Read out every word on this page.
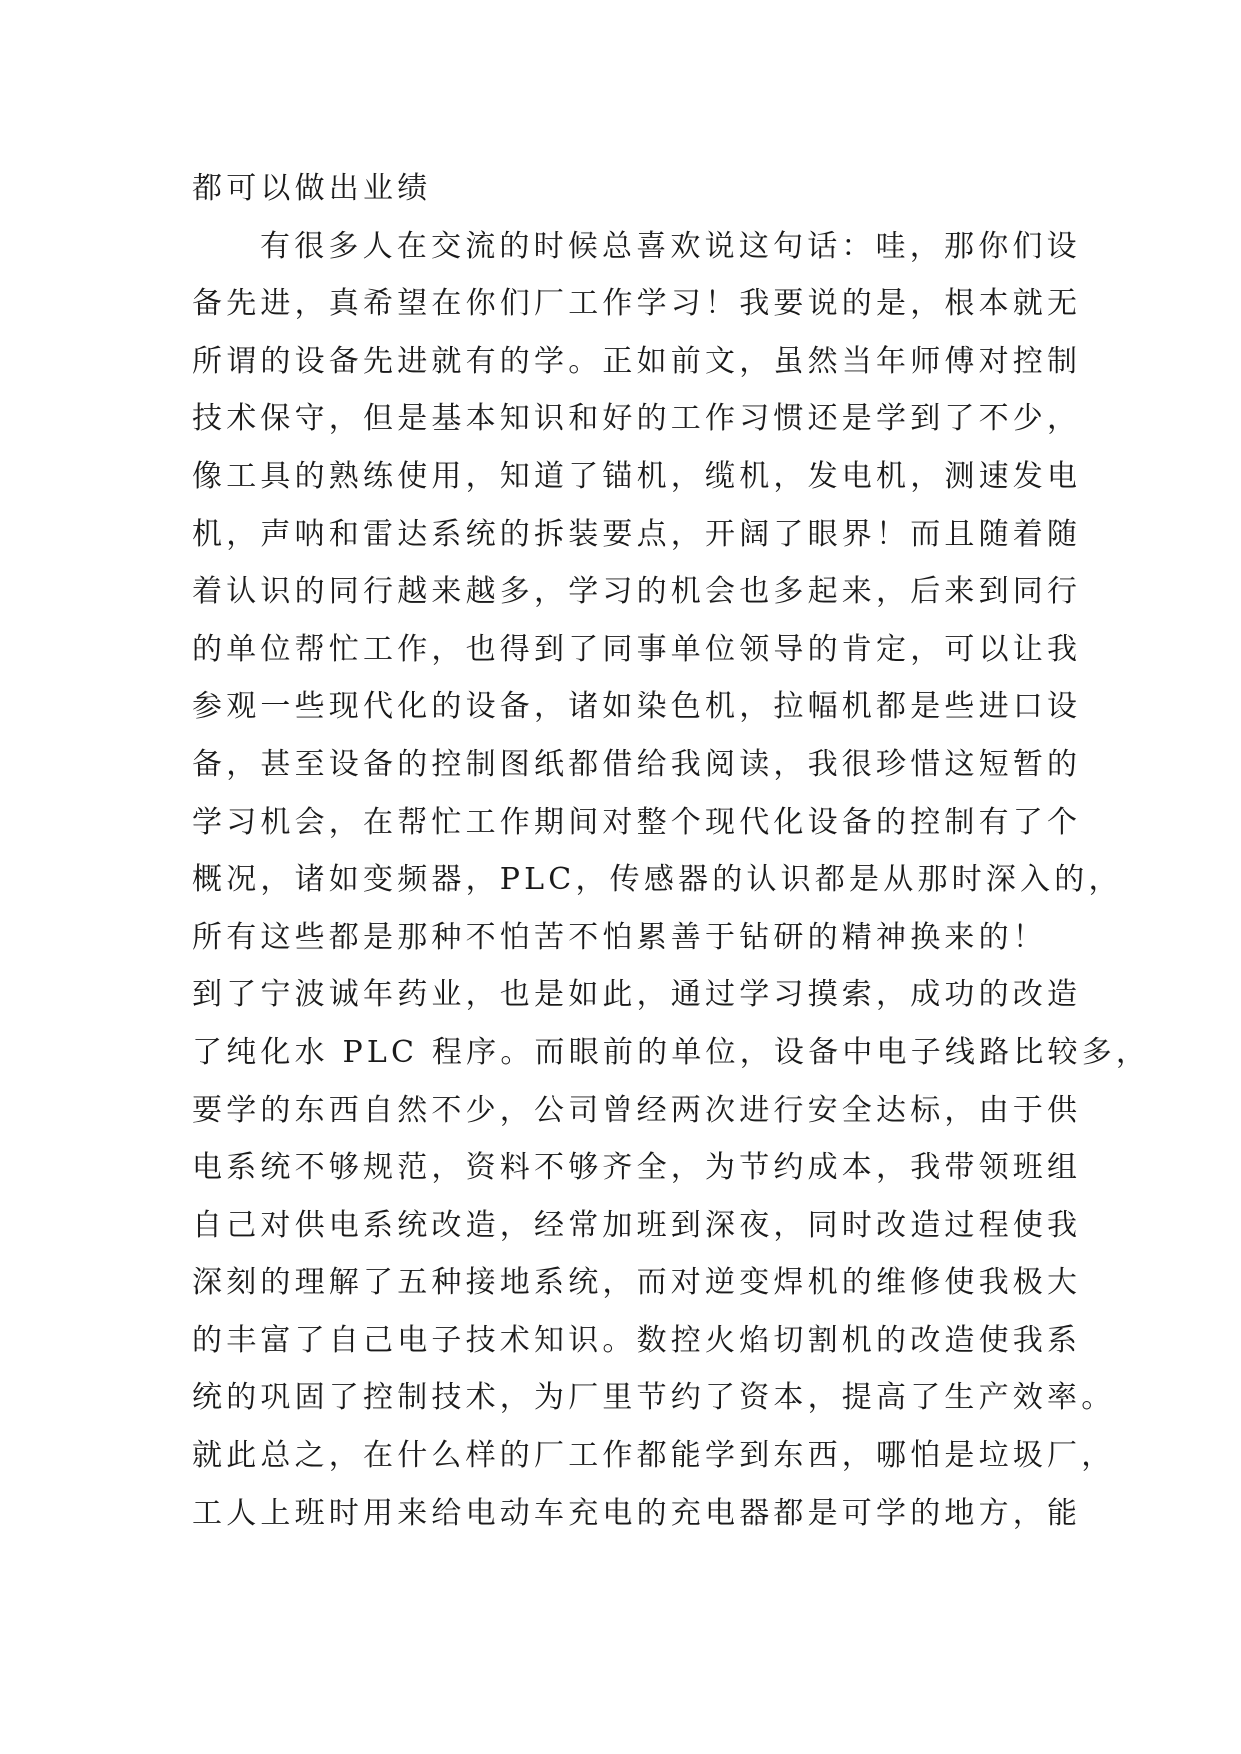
都可以做出业绩
有很多人在交流的时候总喜欢说这句话：哇，那你们设
备先进，真希望在你们厂工作学习！我要说的是，根本就无
所谓的设备先进就有的学。正如前文，虽然当年师傅对控制
技术保守，但是基本知识和好的工作习惯还是学到了不少，
像工具的熟练使用，知道了锚机，缆机，发电机，测速发电
机，声呐和雷达系统的拆装要点，开阔了眼界！而且随着随
着认识的同行越来越多，学习的机会也多起来，后来到同行
的单位帮忙工作，也得到了同事单位领导的肯定，可以让我
参观一些现代化的设备，诸如染色机，拉幅机都是些进口设
备，甚至设备的控制图纸都借给我阅读，我很珍惜这短暂的
学习机会，在帮忙工作期间对整个现代化设备的控制有了个
概况，诸如变频器，PLC，传感器的认识都是从那时深入的，
所有这些都是那种不怕苦不怕累善于钻研的精神换来的！
到了宁波诚年药业，也是如此，通过学习摸索，成功的改造
了纯化水 PLC 程序。而眼前的单位，设备中电子线路比较多，
要学的东西自然不少，公司曾经两次进行安全达标，由于供
电系统不够规范，资料不够齐全，为节约成本，我带领班组
自己对供电系统改造，经常加班到深夜，同时改造过程使我
深刻的理解了五种接地系统，而对逆变焊机的维修使我极大
的丰富了自己电子技术知识。数控火焰切割机的改造使我系
统的巩固了控制技术，为厂里节约了资本，提高了生产效率。
就此总之，在什么样的厂工作都能学到东西，哪怕是垃圾厂，
工人上班时用来给电动车充电的充电器都是可学的地方，能
